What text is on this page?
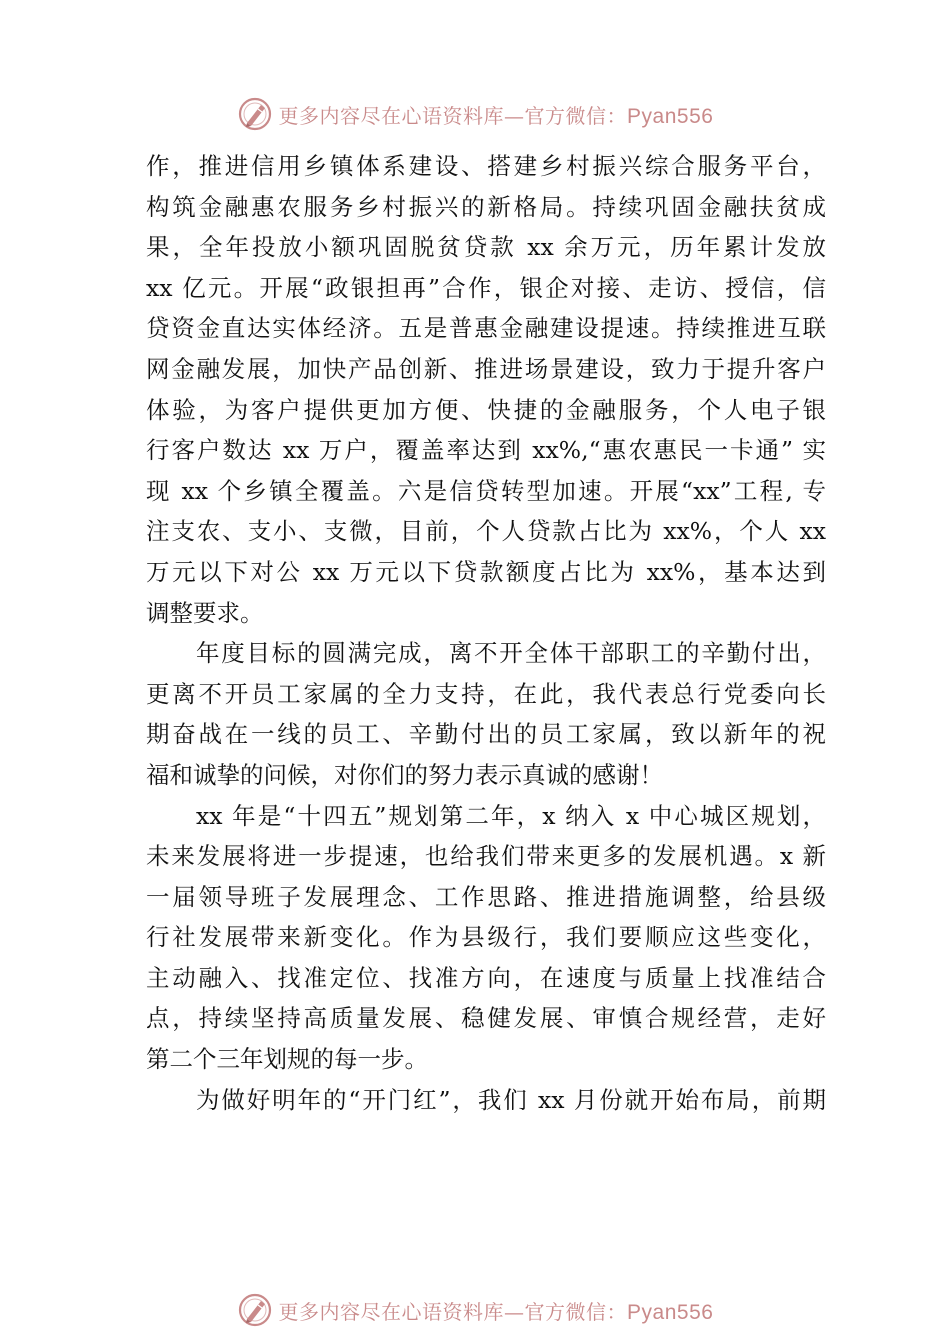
更多内容尽在心语资料库—官方微信：Pyan556
作，推进信用乡镇体系建设、搭建乡村振兴综合服务平台，
构筑金融惠农服务乡村振兴的新格局。持续巩固金融扶贫成
果，全年投放小额巩固脱贫贷款 xx 余万元，历年累计发放
xx 亿元。开展“政银担再”合作，银企对接、走访、授信，信
贷资金直达实体经济。五是普惠金融建设提速。持续推进互联
网金融发展，加快产品创新、推进场景建设，致力于提升客户
体验，为客户提供更加方便、快捷的金融服务，个人电子银
行客户数达 xx 万户，覆盖率达到 xx%,“惠农惠民一卡通” 实
现 xx 个乡镇全覆盖。六是信贷转型加速。开展“xx”工程, 专
注支农、支小、支微，目前，个人贷款占比为 xx%，个人 xx
万元以下对公 xx 万元以下贷款额度占比为 xx%，基本达到
调整要求。
年度目标的圆满完成，离不开全体干部职工的辛勤付出，
更离不开员工家属的全力支持，在此，我代表总行党委向长
期奋战在一线的员工、辛勤付出的员工家属，致以新年的祝
福和诚挚的问候，对你们的努力表示真诚的感谢！
xx 年是“十四五”规划第二年，x 纳入 x 中心城区规划，
未来发展将进一步提速，也给我们带来更多的发展机遇。x 新
一届领导班子发展理念、工作思路、推进措施调整，给县级
行社发展带来新变化。作为县级行，我们要顺应这些变化，
主动融入、找准定位、找准方向，在速度与质量上找准结合
点，持续坚持高质量发展、稳健发展、审慎合规经营，走好
第二个三年划规的每一步。
为做好明年的“开门红”，我们 xx 月份就开始布局，前期
更多内容尽在心语资料库—官方微信：Pyan556
